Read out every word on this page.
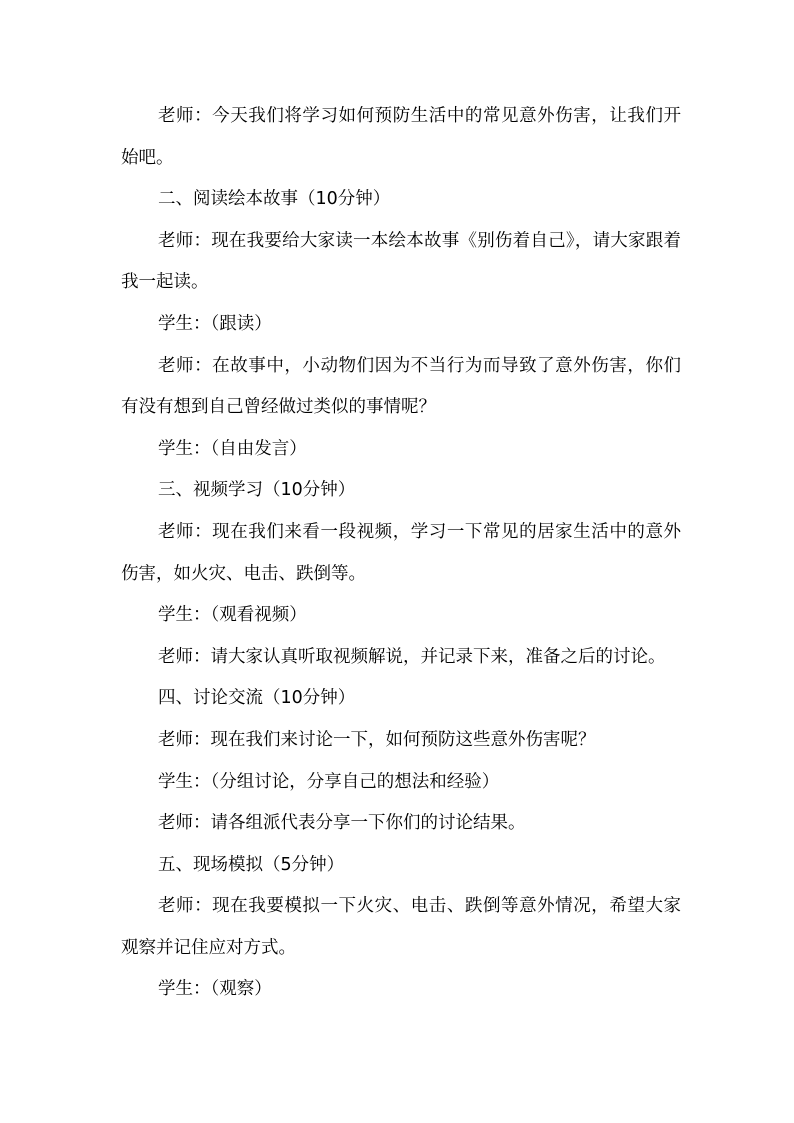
老师：今天我们将学习如何预防生活中的常见意外伤害，让我们开始吧。

二、阅读绘本故事（10分钟）

老师：现在我要给大家读一本绘本故事《别伤着自己》，请大家跟着我一起读。

学生：（跟读）

老师：在故事中，小动物们因为不当行为而导致了意外伤害，你们有没有想到自己曾经做过类似的事情呢？

学生：（自由发言）

三、视频学习（10分钟）

老师：现在我们来看一段视频，学习一下常见的居家生活中的意外伤害，如火灾、电击、跌倒等。

学生：（观看视频）

老师：请大家认真听取视频解说，并记录下来，准备之后的讨论。

四、讨论交流（10分钟）

老师：现在我们来讨论一下，如何预防这些意外伤害呢？

学生：（分组讨论，分享自己的想法和经验）

老师：请各组派代表分享一下你们的讨论结果。

五、现场模拟（5分钟）

老师：现在我要模拟一下火灾、电击、跌倒等意外情况，希望大家观察并记住应对方式。

学生：（观察）
